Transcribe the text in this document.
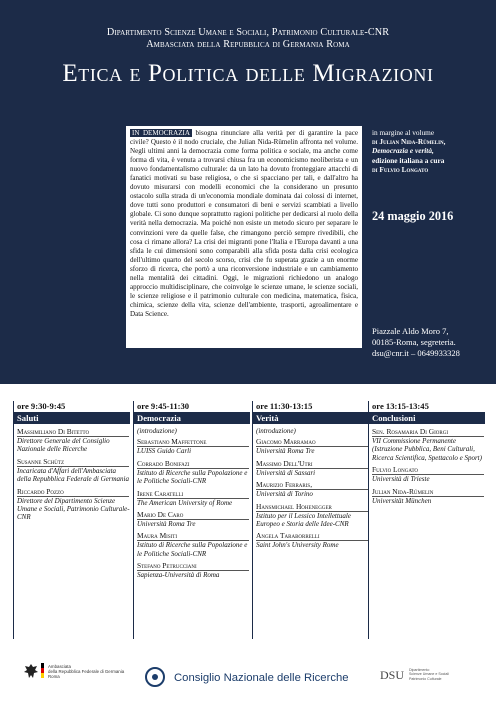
Dipartimento Scienze Umane e Sociali, Patrimonio Culturale-CNR
Ambasciata della Repubblica di Germania Roma
Etica e Politica delle Migrazioni
IN DEMOCRAZIA bisogna rinunciare alla verità per di garantire la pace civile? Questo è il nodo cruciale, che Julian Nida-Rümelin affronta nel volume. Negli ultimi anni la democrazia come forma politica e sociale, ma anche come forma di vita, è venuta a trovarsi chiusa fra un economicismo neoliberista e un nuovo fondamentalismo culturale: da un lato ha dovuto fronteggiare attacchi di fanatici motivati su base religiosa, o che si spacciano per tali, e dall'altro ha dovuto misurarsi con modelli economici che la considerano un presunto ostacolo sulla strada di un'economia mondiale dominata dai colossi di internet, dove tutti sono produttori e consumatori di beni e servizi scambiati a livello globale. Ci sono dunque soprattutto ragioni politiche per dedicarsi al ruolo della verità nella democrazia. Ma poiché non esiste un metodo sicuro per separare le convinzioni vere da quelle false, che rimangono perciò sempre rivedibili, che cosa ci rimane allora? La crisi dei migranti pone l'Italia e l'Europa davanti a una sfida le cui dimensioni sono comparabili alla sfida posta dalla crisi ecologica dell'ultimo quarto del secolo scorso, crisi che fu superata grazie a un enorme sforzo di ricerca, che portò a una riconversione industriale e un cambiamento nella mentalità dei cittadini. Oggi, le migrazioni richiedono un analogo approccio multidisciplinare, che coinvolge le scienze umane, le scienze sociali, le scienze religiose e il patrimonio culturale con medicina, matematica, fisica, chimica, scienze della vita, scienze dell'ambiente, trasporti, agroalimentare e Data Science.
in margine al volume
di Julian Nida-Rümelin,
Democrazia e verità,
edizione italiana a cura
di Fulvio Longato
24 maggio 2016
Piazzale Aldo Moro 7,
00185-Roma, segreteria.
dsu@cnr.it – 0649933328
ore 9:30-9:45
Saluti
Massimiliano Di Bitetto
Direttore Generale del Consiglio Nazionale delle Ricerche
Susanne Schütz
Incaricata d'Affari dell'Ambasciata della Repubblica Federale di Germania
Riccardo Pozzo
Direttore del Dipartimento Scienze Umane e Sociali, Patrimonio Culturale-CNR
ore 9:45-11:30
Democrazia
(introduzione)
Sebastiano Maffettone
LUISS Guido Carli
Corrado Bonifazi
Istituto di Ricerche sulla Popolazione e le Politiche Sociali-CNR
Irene Caratelli
The American University of Rome
Mario De Caro
Università Roma Tre
Maura Misiti
Istituto di Ricerche sulla Popolazione e le Politiche Sociali-CNR
Stefano Petrucciani
Sapienza-Università di Roma
ore 11:30-13:15
Verità
(introduzione)
Giacomo Marramao
Università Roma Tre
Massimo Dell'Utri
Università di Sassari
Maurizio Ferraris,
Università di Torino
Hansmichael Hohenegger
Istituto per il Lessico Intellettuale Europeo e Storia delle Idee-CNR
Angela Taraborrelli
Saint John's University Rome
ore 13:15-13:45
Conclusioni
Sen. Rosamaria Di Giorgi
VII Commissione Permanente (Istruzione Pubblica, Beni Culturali, Ricerca Scientifica, Spettacolo e Sport)
Fulvio Longato
Università di Trieste
Julian Nida-Rümelin
Universität München
Ambasciata
della Repubblica Federale di Germania
Roma	Consiglio Nazionale delle Ricerche	DSU Dipartimento
Scienze Umane e Sociali
Patrimonio Culturale
